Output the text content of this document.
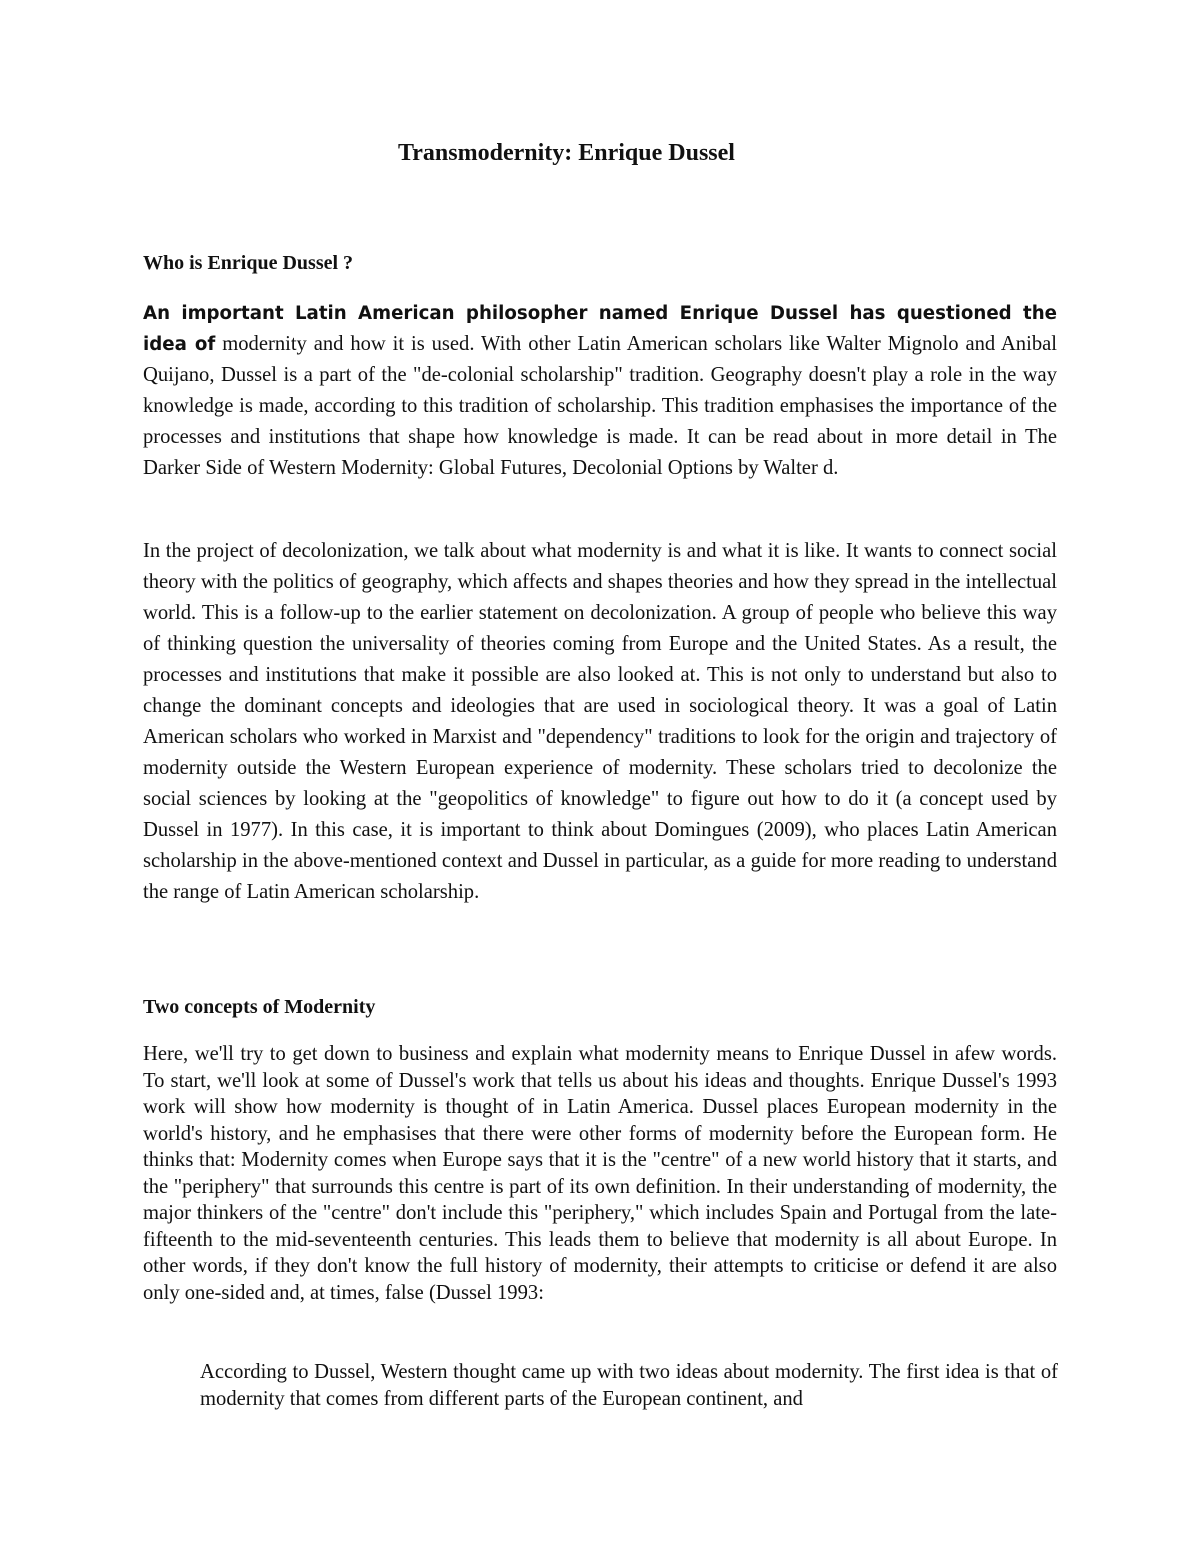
Transmodernity: Enrique Dussel
Who is Enrique Dussel ?

An important Latin American philosopher named Enrique Dussel has questioned the idea of modernity and how it is used. With other Latin American scholars like Walter Mignolo and Anibal Quijano, Dussel is a part of the "de-colonial scholarship" tradition. Geography doesn't play a role in the way knowledge is made, according to this tradition of scholarship. This tradition emphasises the importance of the processes and institutions that shape how knowledge is made. It can be read about in more detail in The Darker Side of Western Modernity: Global Futures, Decolonial Options by Walter d.

In the project of decolonization, we talk about what modernity is and what it is like. It wants to connect social theory with the politics of geography, which affects and shapes theories and how they spread in the intellectual world. This is a follow-up to the earlier statement on decolonization. A group of people who believe this way of thinking question the universality of theories coming from Europe and the United States. As a result, the processes and institutions that make it possible are also looked at. This is not only to understand but also to change the dominant concepts and ideologies that are used in sociological theory. It was a goal of Latin American scholars who worked in Marxist and "dependency" traditions to look for the origin and trajectory of modernity outside the Western European experience of modernity. These scholars tried to decolonize the social sciences by looking at the "geopolitics of knowledge" to figure out how to do it (a concept used by Dussel in 1977). In this case, it is important to think about Domingues (2009), who places Latin American scholarship in the above-mentioned context and Dussel in particular, as a guide for more reading to understand the range of Latin American scholarship.

Two concepts of Modernity

Here, we'll try to get down to business and explain what modernity means to Enrique Dussel in afew words. To start, we'll look at some of Dussel's work that tells us about his ideas and thoughts. Enrique Dussel's 1993 work will show how modernity is thought of in Latin America. Dussel places European modernity in the world's history, and he emphasises that there were other forms of modernity before the European form. He thinks that: Modernity comes when Europe says that it is the "centre" of a new world history that it starts, and the "periphery" that surrounds this centre is part of its own definition. In their understanding of modernity, the major thinkers of the "centre" don't include this "periphery," which includes Spain and Portugal from the late-fifteenth to the mid-seventeenth centuries. This leads them to believe that modernity is all about Europe. In other words, if they don't know the full history of modernity, their attempts to criticise or defend it are also only one-sided and, at times, false (Dussel 1993:

According to Dussel, Western thought came up with two ideas about modernity. The first idea is that of modernity that comes from different parts of the European continent, and
